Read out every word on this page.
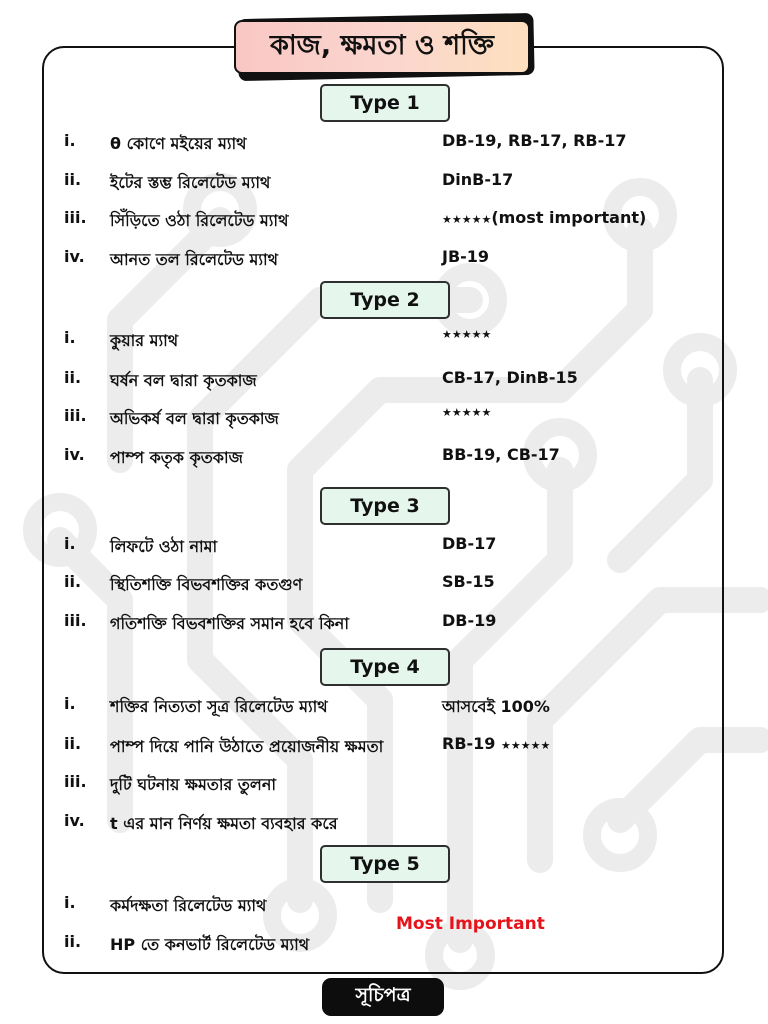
কাজ, ক্ষমতা ও শক্তি
Type 1
i. θ কোণে মইয়ের ম্যাথ	DB-19, RB-17, RB-17
ii. ইটের স্তম্ভ রিলেটেড ম্যাথ	DinB-17
iii. সিঁড়িতে ওঠা রিলেটেড ম্যাথ	★★★★★(most important)
iv. আনত তল রিলেটেড ম্যাথ	JB-19
Type 2
i. কুয়ার ম্যাথ	★★★★★
ii. ঘর্ষন বল দ্বারা কৃতকাজ	CB-17, DinB-15
iii. অভিকর্ষ বল দ্বারা কৃতকাজ	★★★★★
iv. পাম্প কতৃক কৃতকাজ	BB-19, CB-17
Type 3
i. লিফটে ওঠা নামা	DB-17
ii. স্থিতিশক্তি বিভবশক্তির কতগুণ	SB-15
iii. গতিশক্তি বিভবশক্তির সমান হবে কিনা	DB-19
Type 4
i. শক্তির নিত্যতা সূত্র রিলেটেড ম্যাথ	আসবেই 100%
ii. পাম্প দিয়ে পানি উঠাতে প্রয়োজনীয় ক্ষমতা	RB-19 ★★★★★
iii. দুটি ঘটনায় ক্ষমতার তুলনা
iv. t এর মান নির্ণয় ক্ষমতা ব্যবহার করে
Type 5
i. কর্মদক্ষতা রিলেটেড ম্যাথ
ii. HP তে কনভার্ট রিলেটেড ম্যাথ
Most Important
সূচিপত্র
